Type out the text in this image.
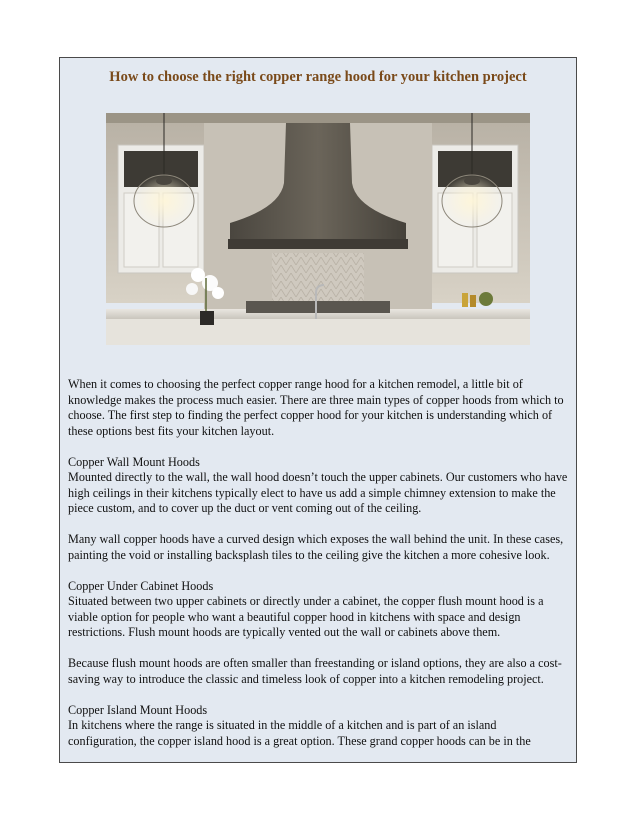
How to choose the right copper range hood for your kitchen project

When it comes to choosing the perfect copper range hood for a kitchen remodel, a little bit of knowledge makes the process much easier. There are three main types of copper hoods from which to choose. The first step to finding the perfect copper hood for your kitchen is understanding which of these options best fits your kitchen layout.

Copper Wall Mount Hoods
Mounted directly to the wall, the wall hood doesn’t touch the upper cabinets. Our customers who have high ceilings in their kitchens typically elect to have us add a simple chimney extension to make the piece custom, and to cover up the duct or vent coming out of the ceiling.

Many wall copper hoods have a curved design which exposes the wall behind the unit. In these cases, painting the void or installing backsplash tiles to the ceiling give the kitchen a more cohesive look.

Copper Under Cabinet Hoods
Situated between two upper cabinets or directly under a cabinet, the copper flush mount hood is a viable option for people who want a beautiful copper hood in kitchens with space and design restrictions. Flush mount hoods are typically vented out the wall or cabinets above them.

Because flush mount hoods are often smaller than freestanding or island options, they are also a cost-saving way to introduce the classic and timeless look of copper into a kitchen remodeling project.

Copper Island Mount Hoods
In kitchens where the range is situated in the middle of a kitchen and is part of an island configuration, the copper island hood is a great option. These grand copper hoods can be in the
